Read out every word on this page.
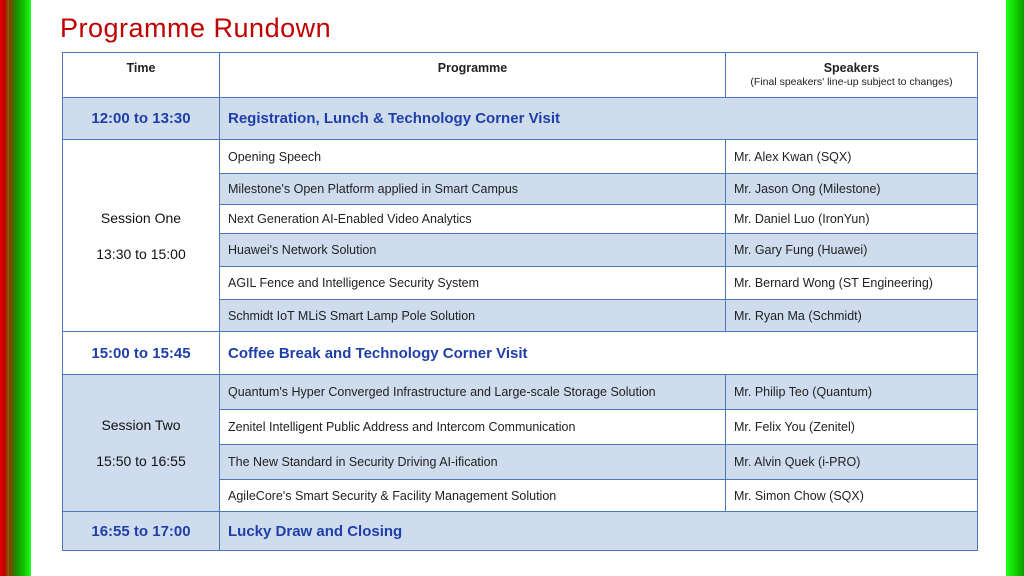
Programme Rundown
Time	Programme	Speakers
(Final speakers' line-up subject to changes)

12:00 to 13:30	Registration, Lunch & Technology Corner Visit	

Session One
13:30 to 15:00	Opening Speech	Mr. Alex Kwan (SQX)
	Milestone's Open Platform applied in Smart Campus	Mr. Jason Ong (Milestone)
	Next Generation AI-Enabled Video Analytics	Mr. Daniel Luo (IronYun)
	Huawei's Network Solution	Mr. Gary Fung (Huawei)
	AGIL Fence and Intelligence Security System	Mr. Bernard Wong (ST Engineering)
	Schmidt IoT MLiS Smart Lamp Pole Solution	Mr. Ryan Ma (Schmidt)
15:00 to 15:45	Coffee Break and Technology Corner Visit	

Session Two
15:50 to 16:55	Quantum's Hyper Converged Infrastructure and Large-scale Storage Solution	Mr. Philip Teo (Quantum)
	Zenitel Intelligent Public Address and Intercom Communication	Mr. Felix You (Zenitel)
	The New Standard in Security Driving AI-ification	Mr. Alvin Quek (i-PRO)
	AgileCore's Smart Security & Facility Management Solution	Mr. Simon Chow (SQX)
16:55 to 17:00	Lucky Draw and Closing	
